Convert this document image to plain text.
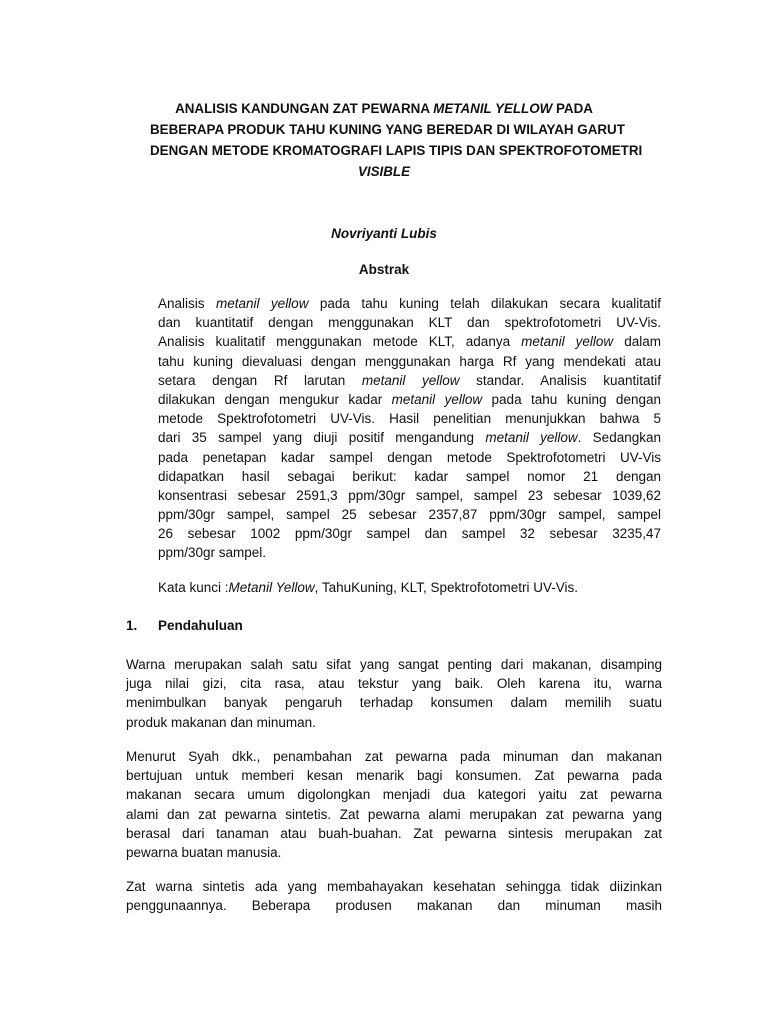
ANALISIS KANDUNGAN ZAT PEWARNA METANIL YELLOW PADA
BEBERAPA PRODUK TAHU KUNING YANG BEREDAR DI WILAYAH GARUT
DENGAN METODE KROMATOGRAFI LAPIS TIPIS DAN SPEKTROFOTOMETRI
VISIBLE
Novriyanti Lubis
Abstrak
Analisis metanil yellow pada tahu kuning telah dilakukan secara kualitatif
dan kuantitatif dengan menggunakan KLT dan spektrofotometri UV-Vis.
Analisis kualitatif menggunakan metode KLT, adanya metanil yellow dalam
tahu kuning dievaluasi dengan menggunakan harga Rf yang mendekati atau
setara dengan Rf larutan metanil yellow standar. Analisis kuantitatif
dilakukan dengan mengukur kadar metanil yellow pada tahu kuning dengan
metode Spektrofotometri UV-Vis. Hasil penelitian menunjukkan bahwa 5
dari 35 sampel yang diuji positif mengandung metanil yellow. Sedangkan
pada penetapan kadar sampel dengan metode Spektrofotometri UV-Vis
didapatkan hasil sebagai berikut: kadar sampel nomor 21 dengan
konsentrasi sebesar 2591,3 ppm/30gr sampel, sampel 23 sebesar 1039,62
ppm/30gr sampel, sampel 25 sebesar 2357,87 ppm/30gr sampel, sampel
26 sebesar 1002 ppm/30gr sampel dan sampel 32 sebesar 3235,47
ppm/30gr sampel.
Kata kunci :Metanil Yellow, TahuKuning, KLT, Spektrofotometri UV-Vis.
1. Pendahuluan
Warna merupakan salah satu sifat yang sangat penting dari makanan, disamping
juga nilai gizi, cita rasa, atau tekstur yang baik. Oleh karena itu, warna
menimbulkan banyak pengaruh terhadap konsumen dalam memilih suatu
produk makanan dan minuman.
Menurut Syah dkk., penambahan zat pewarna pada minuman dan makanan
bertujuan untuk memberi kesan menarik bagi konsumen. Zat pewarna pada
makanan secara umum digolongkan menjadi dua kategori yaitu zat pewarna
alami dan zat pewarna sintetis. Zat pewarna alami merupakan zat pewarna yang
berasal dari tanaman atau buah-buahan. Zat pewarna sintesis merupakan zat
pewarna buatan manusia.
Zat warna sintetis ada yang membahayakan kesehatan sehingga tidak diizinkan
penggunaannya. Beberapa produsen makanan dan minuman masih
